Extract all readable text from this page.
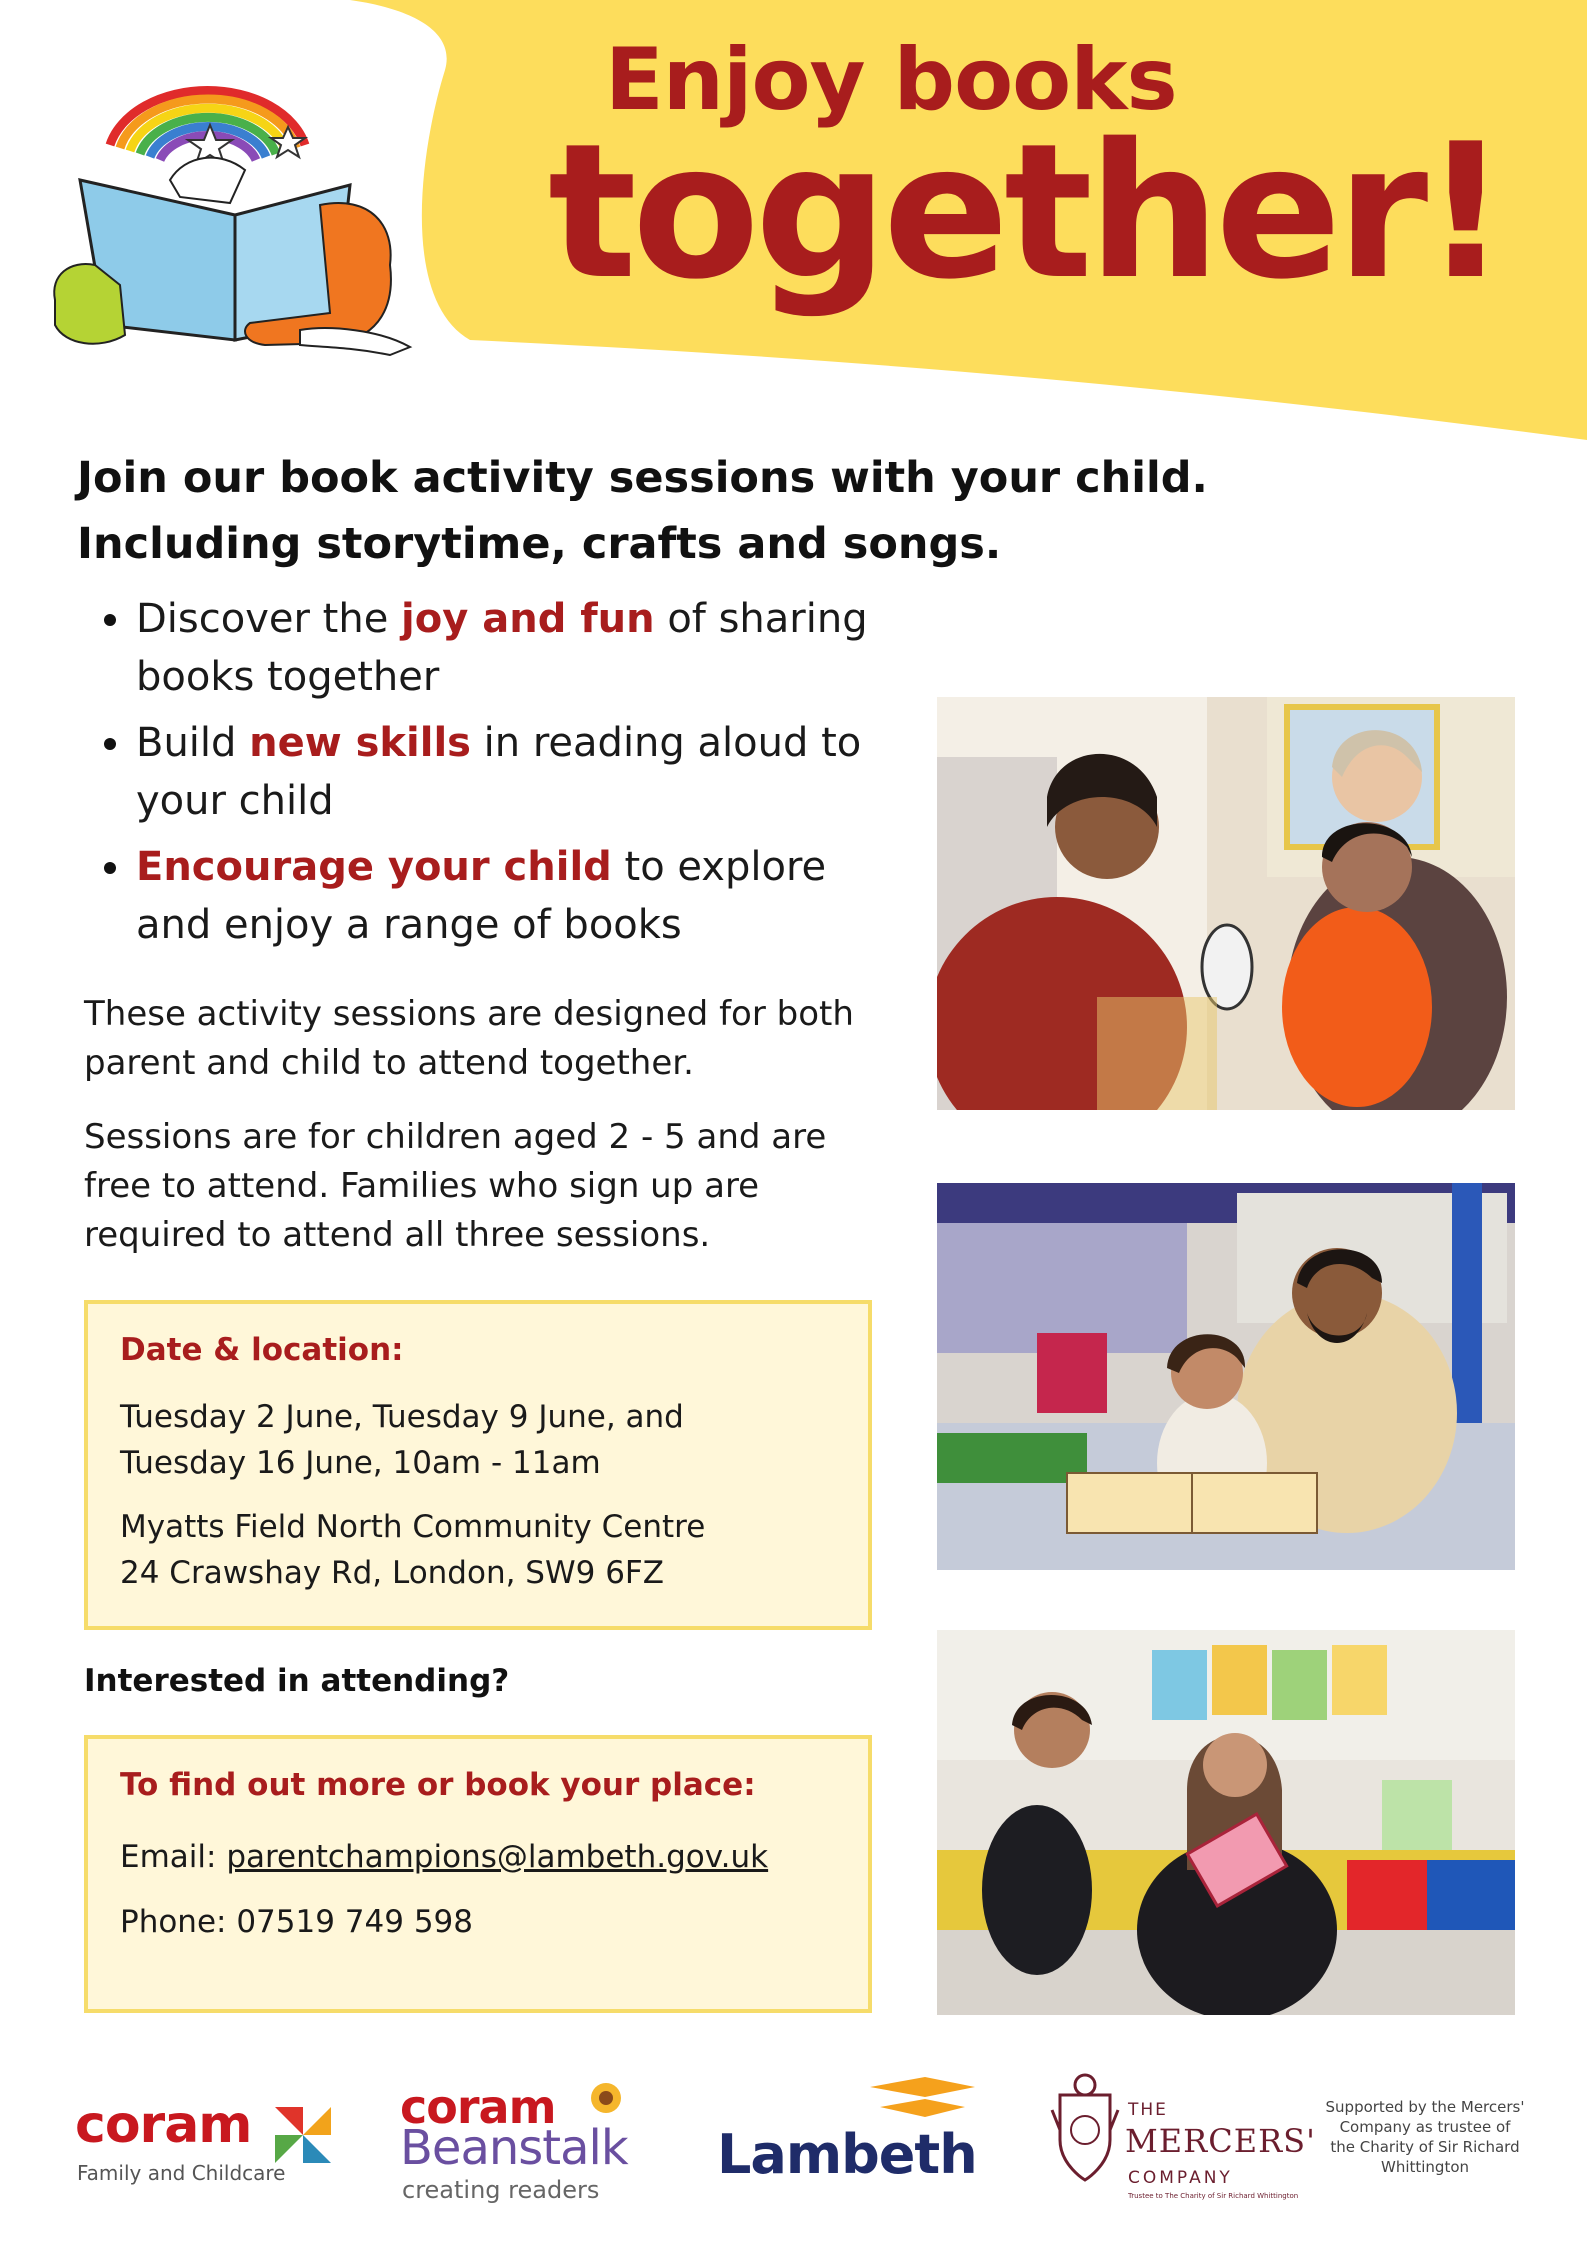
Enjoy books
together!
Join our book activity sessions with your child. Including storytime, crafts and songs.
Discover the joy and fun of sharing books together
Build new skills in reading aloud to your child
Encourage your child to explore and enjoy a range of books

These activity sessions are designed for both parent and child to attend together.

Sessions are for children aged 2 - 5 and are free to attend. Families who sign up are required to attend all three sessions.

Date & location:
Tuesday 2 June, Tuesday 9 June, and
Tuesday 16 June, 10am - 11am
Myatts Field North Community Centre
24 Crawshay Rd, London, SW9 6FZ
Interested in attending?
To find out more or book your place:
Email: parentchampions@lambeth.gov.uk
Phone: 07519 749 598
coram
Family and Childcare
coram
Beanstalk
creating readers
Lambeth
THE
MERCERS'
COMPANY
Trustee to The Charity of Sir Richard Whittington
Supported by the Mercers' Company as trustee of the Charity of Sir Richard Whittington
